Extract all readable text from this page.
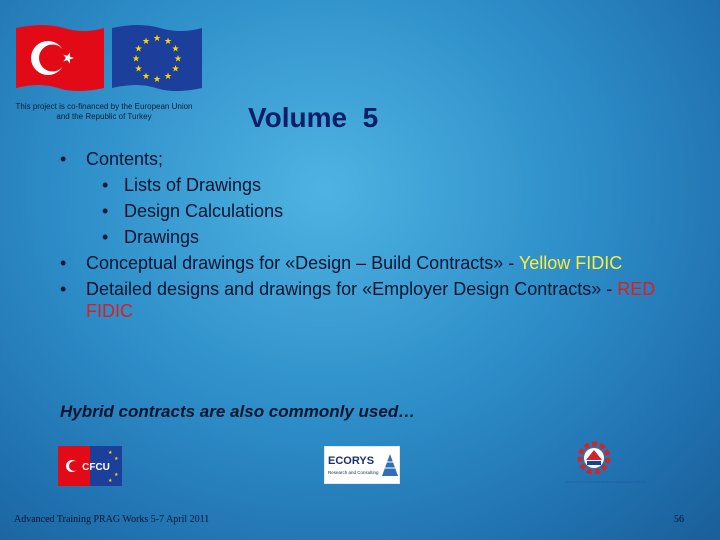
★ ★
★
★
★
★
★
★
★
★
★
★
This project is co-financed by the European Union
and the Republic of Turkey	Volume  5
• Contents;
• Lists of Drawings
• Design Calculations
• Drawings
• Conceptual drawings for «Design – Build Contracts» - Yellow FIDIC
• Detailed designs and drawings for «Employer Design Contracts» - RED FIDIC
Hybrid contracts are also commonly used…
★
★
★
★
CFCU
ECORYS
Research and Consulting
Advanced Training PRAG Works 5-7 April 2011	56
